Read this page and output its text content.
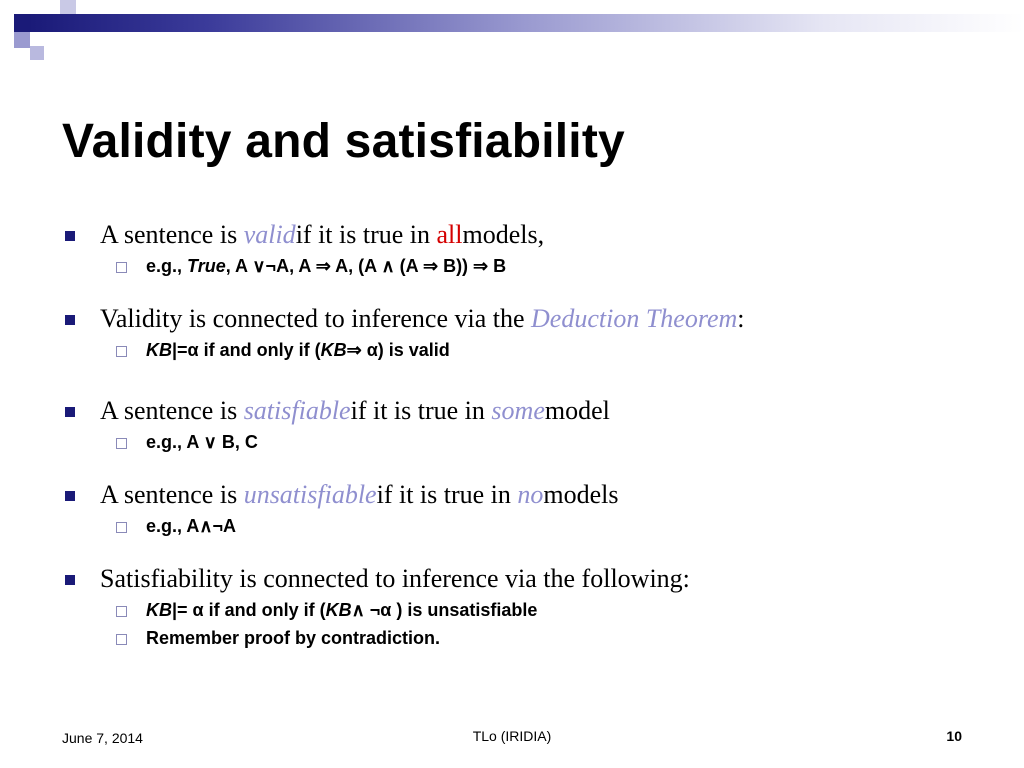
Validity and satisfiability
A sentence is
valid if it is true in
all models,
e.g.,
True , A ∨¬A, A ⇒ A, (A ∧ (A ⇒ B)) ⇒ B
Validity is connected to inference via the
Deduction Theorem :
KB |=α if and only if ( KB ⇒ α) is valid
A sentence is
satisfiable if it is true in
some model
e.g., A ∨ B, C
A sentence is
unsatisfiable if it is true in
no models
e.g., A∧¬A
Satisfiability is connected to inference via the following:
KB |= α if and only if ( KB ∧ ¬α ) is unsatisfiable
Remember proof by contradiction.
June 7, 2014	TLo (IRIDIA)	10
